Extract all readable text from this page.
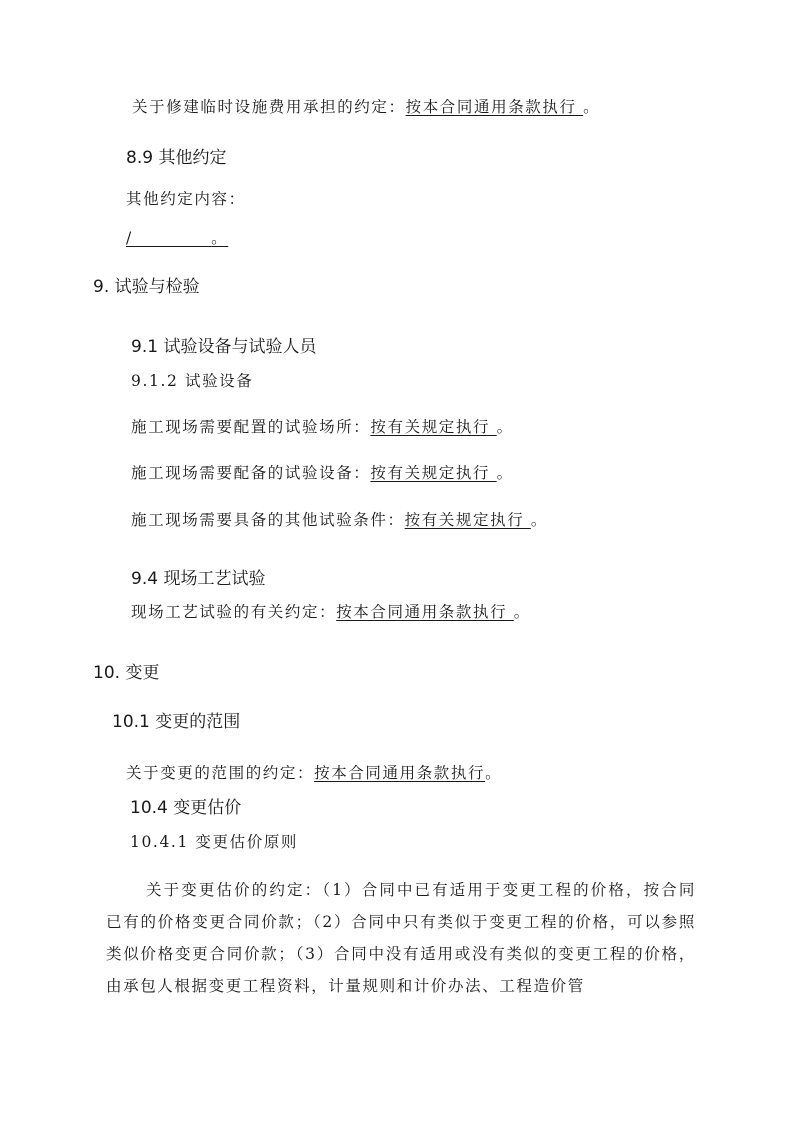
关于修建临时设施费用承担的约定：按本合同通用条款执行 。
8.9 其他约定
其他约定内容：
/            。
9. 试验与检验
9.1 试验设备与试验人员
9.1.2 试验设备
施工现场需要配置的试验场所：按有关规定执行 。
施工现场需要配备的试验设备：按有关规定执行 。
施工现场需要具备的其他试验条件：按有关规定执行 。
9.4 现场工艺试验
现场工艺试验的有关约定：按本合同通用条款执行 。
10. 变更
10.1 变更的范围
关于变更的范围的约定：按本合同通用条款执行。
10.4 变更估价
10.4.1 变更估价原则
关于变更估价的约定：（1）合同中已有适用于变更工程的价格，按合同已有的价格变更合同价款；（2）合同中只有类似于变更工程的价格，可以参照类似价格变更合同价款；（3）合同中没有适用或没有类似的变更工程的价格，由承包人根据变更工程资料，计量规则和计价办法、工程造价管
